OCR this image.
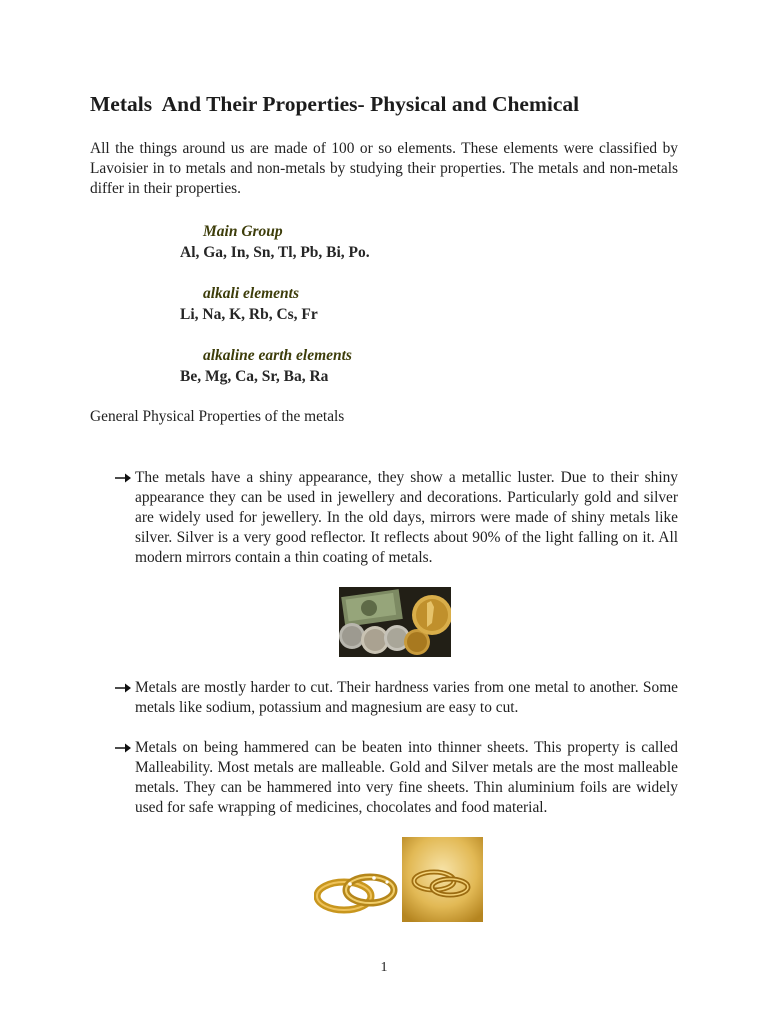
Metals  And Their Properties- Physical and Chemical
All the things around us are made of 100 or so elements. These elements were classified by Lavoisier in to metals and non-metals by studying their properties. The metals and non-metals differ in their properties.
Main Group
Al, Ga, In, Sn, Tl, Pb, Bi, Po.
alkali elements
Li, Na, K, Rb, Cs, Fr
alkaline earth elements
Be, Mg, Ca, Sr, Ba, Ra
General Physical Properties of the metals
The metals have a shiny appearance, they show a metallic luster. Due to their shiny appearance they can be used in jewellery and decorations. Particularly gold and silver are widely used for jewellery. In the old days, mirrors were made of shiny metals like silver. Silver is a very good reflector. It reflects about 90% of the light falling on it. All modern mirrors contain a thin coating of metals.
Metals are mostly harder to cut. Their hardness varies from one metal to another. Some metals like sodium, potassium and magnesium are easy to cut.
Metals on being hammered can be beaten into thinner sheets. This property is called Malleability. Most metals are malleable. Gold and Silver metals are the most malleable metals. They can be hammered into very fine sheets. Thin aluminium foils are widely used for safe wrapping of medicines, chocolates and food material.
1
